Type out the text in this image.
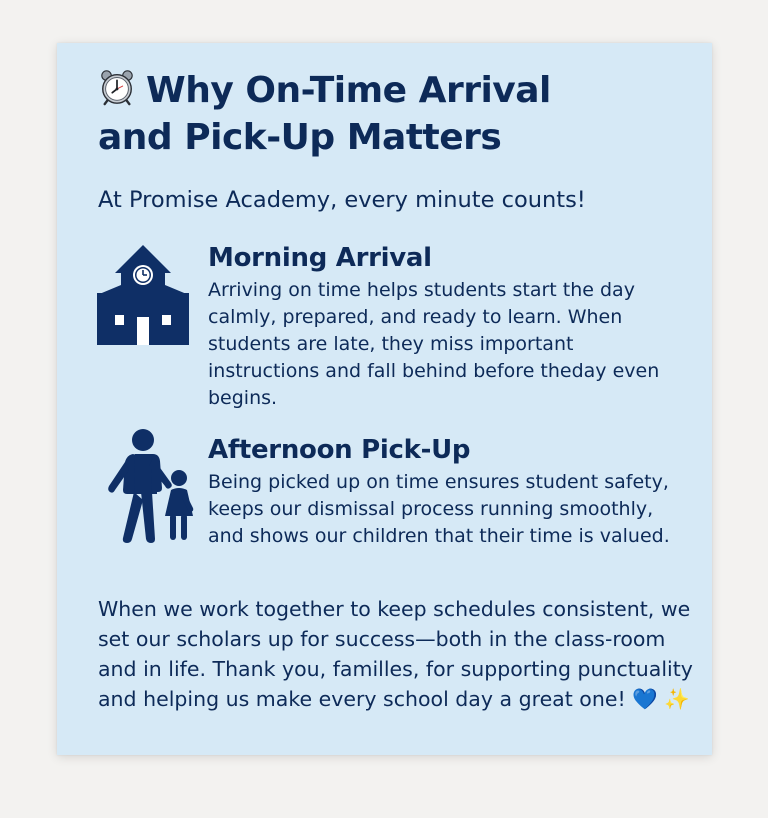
Why On-Time Arrival
and Pick-Up Matters

At Promise Academy, every minute counts!

Morning Arrival

Arriving on time helps students start the day calmly, prepared, and ready to learn. When students are late, they miss important instructions and fall behind before theday even begins.

Afternoon Pick-Up

Being picked up on time ensures student safety, keeps our dismissal process running smoothly, and shows our children that their time is valued.

When we work together to keep schedules consistent, we set our scholars up for success—both in the class-room and in life. Thank you, familles, for supporting punctuality and helping us make every school day a great one! 💙 ✨
